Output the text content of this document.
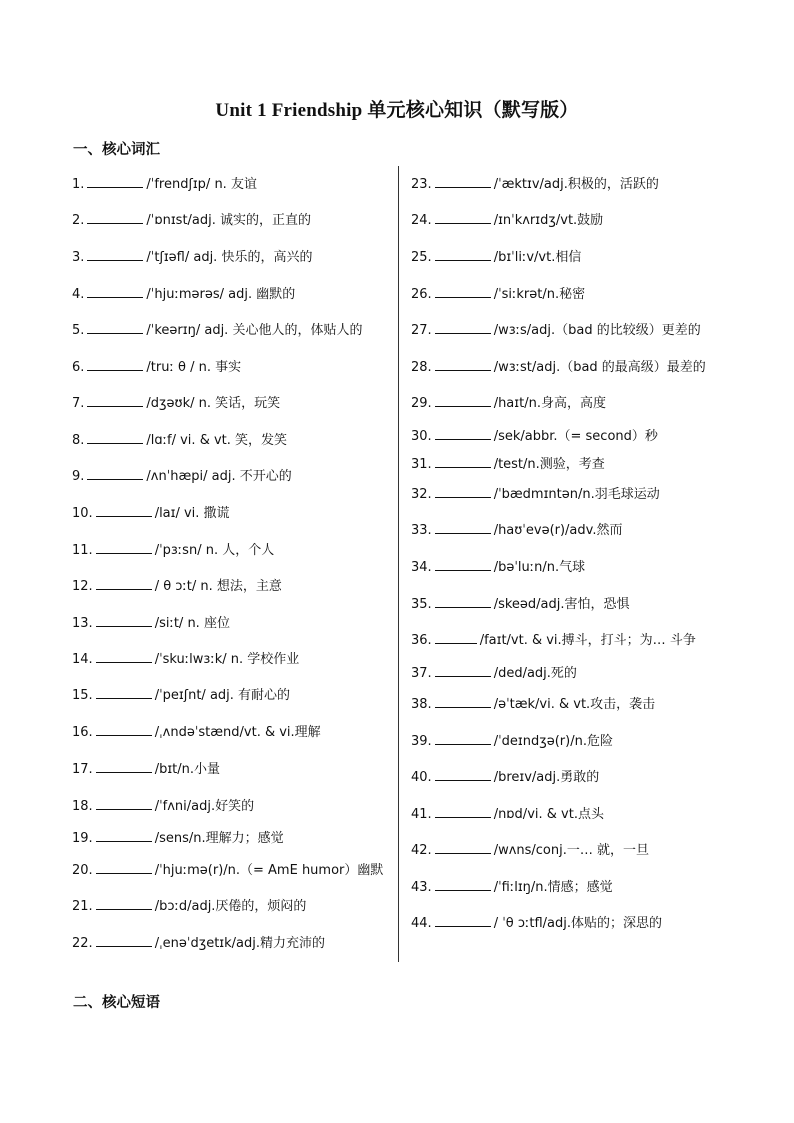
Unit 1 Friendship 单元核心知识（默写版）
一、核心词汇
1.	/ˈfrendʃɪp/ n. 友谊
2.	/ˈɒnɪst/adj. 诚实的，正直的
3.	/ˈtʃɪəfl/ adj. 快乐的，高兴的
4.	/ˈhjuːmərəs/ adj. 幽默的
5.	/ˈkeərɪŋ/ adj. 关心他人的，体贴人的
6.	/truː θ / n. 事实
7.	/dʒəʊk/ n. 笑话，玩笑
8.	/lɑːf/ vi. & vt. 笑，发笑
9.	/ʌnˈhæpi/ adj. 不开心的
10.	/laɪ/ vi. 撒谎
11.	/ˈpɜːsn/ n. 人，个人
12.	/ θ ɔːt/ n. 想法，主意
13.	/siːt/ n. 座位
14.	/ˈskuːlwɜːk/ n. 学校作业
15.	/ˈpeɪʃnt/ adj. 有耐心的
16.	/ˌʌndəˈstænd/vt. & vi.理解
17.	/bɪt/n.小量
18.	/ˈfʌni/adj.好笑的
19.	/sens/n.理解力；感觉
20.	/ˈhjuːmə(r)/n.（= AmE humor）幽默
21.	/bɔːd/adj.厌倦的，烦闷的
22.	/ˌenəˈdʒetɪk/adj.精力充沛的
23.	/ˈæktɪv/adj.积极的，活跃的
24.	/ɪnˈkʌrɪdʒ/vt.鼓励
25.	/bɪˈliːv/vt.相信
26.	/ˈsiːkrət/n.秘密
27.	/wɜːs/adj.（bad 的比较级）更差的
28.	/wɜːst/adj.（bad 的最高级）最差的
29.	/haɪt/n.身高，高度
30.	/sek/abbr.（= second）秒
31.	/test/n.测验，考查
32.	/ˈbædmɪntən/n.羽毛球运动
33.	/haʊˈevə(r)/adv.然而
34.	/bəˈluːn/n.气球
35.	/skeəd/adj.害怕，恐惧
36.	/faɪt/vt. & vi.搏斗，打斗；为… 斗争
37.	/ded/adj.死的
38.	/əˈtæk/vi. & vt.攻击，袭击
39.	/ˈdeɪndʒə(r)/n.危险
40.	/breɪv/adj.勇敢的
41.	/nɒd/vi. & vt.点头
42.	/wʌns/conj.一… 就，一旦
43.	/ˈfiːlɪŋ/n.情感；感觉
44.	/ ˈθ ɔːtfl/adj.体贴的；深思的
二、核心短语
